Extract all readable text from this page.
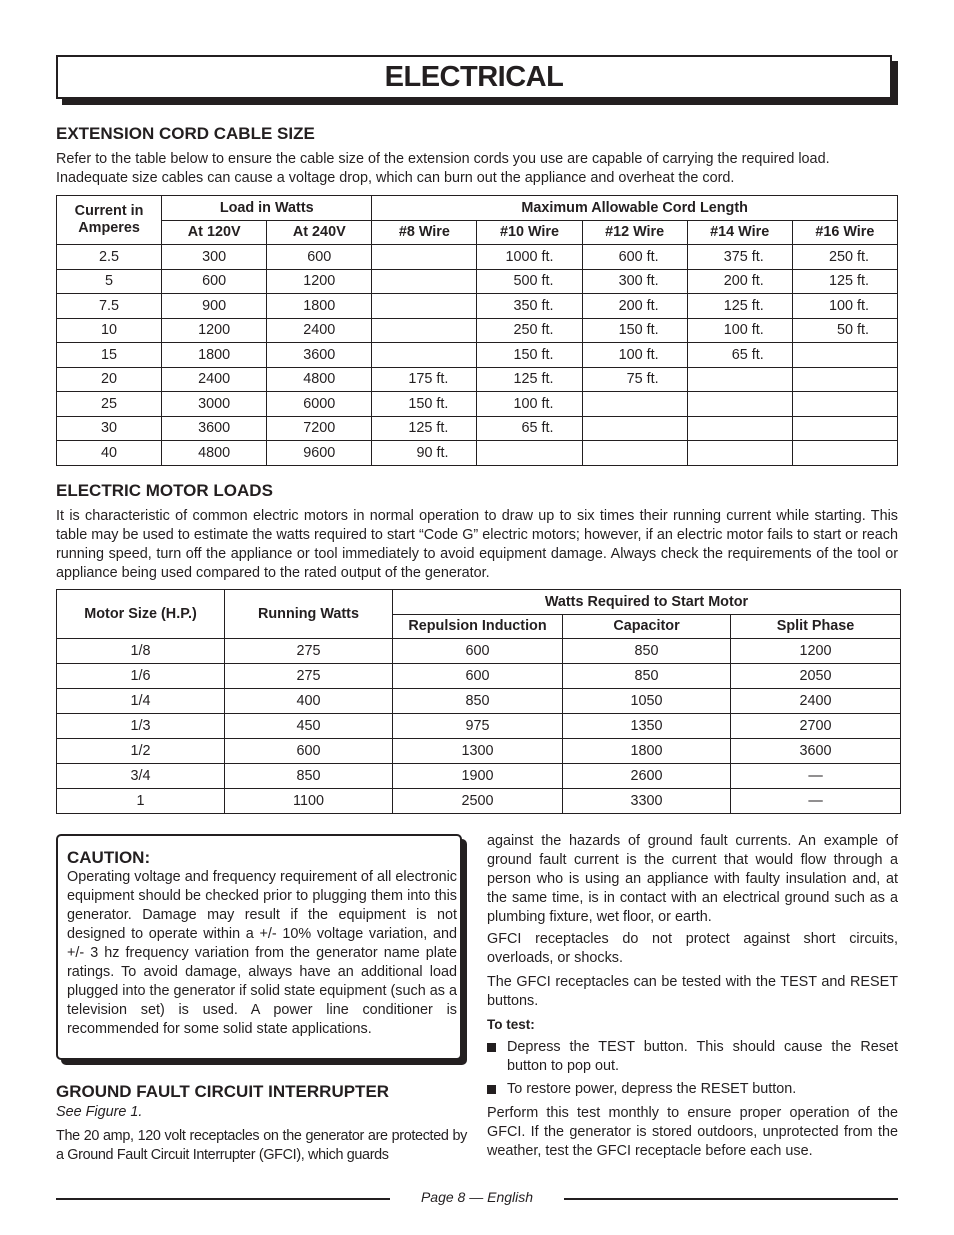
ELECTRICAL
EXTENSION CORD CABLE SIZE

Refer to the table below to ensure the cable size of the extension cords you use are capable of carrying the required load. Inadequate size cables can cause a voltage drop, which can burn out the appliance and overheat the cord.

Current in Amperes	Load in Watts		Maximum Allowable Cord Length				
	At 120V	At 240V	#8 Wire	#10 Wire	#12 Wire	#14 Wire	#16 Wire
2.5	300	600		1000 ft.	600 ft.	375 ft.	250 ft.
5	600	1200		500 ft.	300 ft.	200 ft.	125 ft.
7.5	900	1800		350 ft.	200 ft.	125 ft.	100 ft.
10	1200	2400		250 ft.	150 ft.	100 ft.	50 ft.
15	1800	3600		150 ft.	100 ft.	65 ft.	
20	2400	4800	175 ft.	125 ft.	75 ft.		
25	3000	6000	150 ft.	100 ft.			
30	3600	7200	125 ft.	65 ft.			
40	4800	9600	90 ft.				
ELECTRIC MOTOR LOADS

It is characteristic of common electric motors in normal operation to draw up to six times their running current while starting. This table may be used to estimate the watts required to start “Code G” electric motors; however, if an electric motor fails to start or reach running speed, turn off the appliance or tool immediately to avoid equipment damage. Always check the requirements of the tool or appliance being used compared to the rated output of the generator.

Motor Size (H.P.)	Running Watts	Watts Required to Start Motor		
		Repulsion Induction	Capacitor	Split Phase
1/8	275	600	850	1200
1/6	275	600	850	2050
1/4	400	850	1050	2400
1/3	450	975	1350	2700
1/2	600	1300	1800	3600
3/4	850	1900	2600	—
1	1100	2500	3300	—

CAUTION:

Operating voltage and frequency requirement of all electronic equipment should be checked prior to plugging them into this generator. Damage may result if the equipment is not designed to operate within a +/- 10% voltage variation, and +/- 3 hz frequency variation from the generator name plate ratings. To avoid damage, always have an additional load plugged into the generator if solid state equipment (such as a television set) is used. A power line conditioner is recommended for some solid state applications.

GROUND FAULT CIRCUIT INTERRUPTER

See Figure 1.

The 20 amp, 120 volt receptacles on the generator are protected by a Ground Fault Circuit Interrupter (GFCI), which guards

against the hazards of ground fault currents. An example of ground fault current is the current that would flow through a person who is using an appliance with faulty insulation and, at the same time, is in contact with an electrical ground such as a plumbing fixture, wet floor, or earth.

GFCI receptacles do not protect against short circuits, overloads, or shocks.

The GFCI receptacles can be tested with the TEST and RESET buttons.

To test:

Depress the TEST button. This should cause the Reset button to pop out.
To restore power, depress the RESET button.

Perform this test monthly to ensure proper operation of the GFCI. If the generator is stored outdoors, unprotected from the weather, test the GFCI receptacle before each use.

Page 8 — English
